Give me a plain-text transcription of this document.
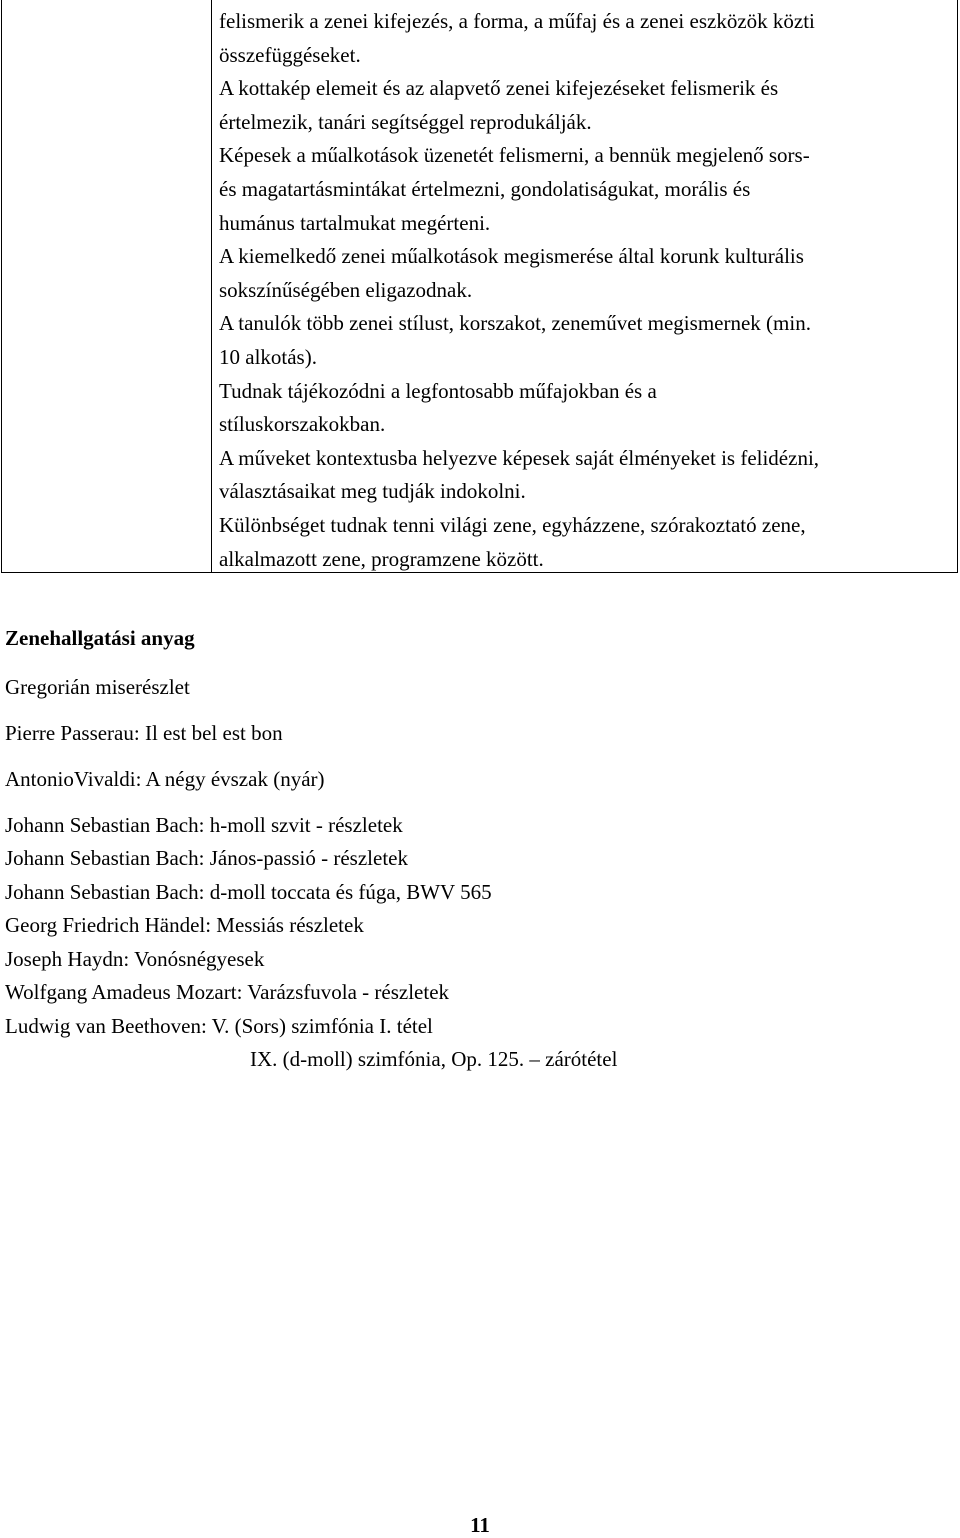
felismerik a zenei kifejezés, a forma, a műfaj és a zenei eszközök közti
összefüggéseket.
A kottakép elemeit és az alapvető zenei kifejezéseket felismerik és
értelmezik, tanári segítséggel reprodukálják.
Képesek a műalkotások üzenetét felismerni, a bennük megjelenő sors-
és magatartásmintákat értelmezni, gondolatiságukat, morális és
humánus tartalmukat megérteni.
A kiemelkedő zenei műalkotások megismerése által korunk kulturális
sokszínűségében eligazodnak.
A tanulók több zenei stílust, korszakot, zeneművet megismernek (min.
10 alkotás).
Tudnak tájékozódni a legfontosabb műfajokban és a
stíluskorszakokban.
A műveket kontextusba helyezve képesek saját élményeket is felidézni,
választásaikat meg tudják indokolni.
Különbséget tudnak tenni világi zene, egyházzene, szórakoztató zene,
alkalmazott zene, programzene között.
Zenehallgatási anyag
Gregorián miserészlet
Pierre Passerau: Il est bel est bon
AntonioVivaldi: A négy évszak (nyár)
Johann Sebastian Bach: h-moll szvit - részletek
Johann Sebastian Bach: János-passió - részletek
Johann Sebastian Bach: d-moll toccata és fúga, BWV 565
Georg Friedrich Händel: Messiás részletek
Joseph Haydn: Vonósnégyesek
Wolfgang Amadeus Mozart: Varázsfuvola - részletek
Ludwig van Beethoven: V. (Sors) szimfónia I. tétel
IX. (d-moll) szimfónia, Op. 125. – zárótétel
11
